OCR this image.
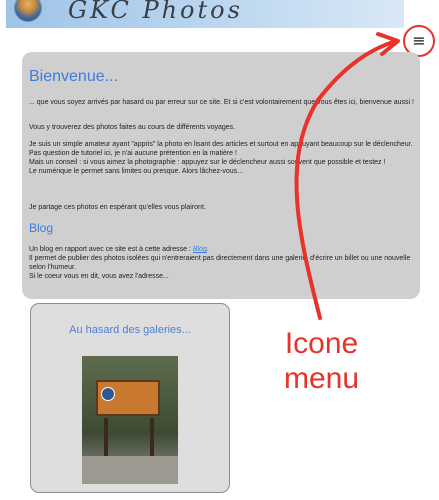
GKC Photos
≡
Bienvenue...
... que vous soyez arrivés par hasard ou par erreur sur ce site. Et si c'est volontairement que vous êtes ici, bienvenue aussi !
Vous y trouverez des photos faites au cours de différents voyages.
Je suis un simple amateur ayant "appris" la photo en lisant des articles et surtout en appuyant beaucoup sur le déclencheur.
Pas question de tutoriel ici, je n'ai aucune prétention en la matière !
Mais un conseil : si vous aimez la photographie : appuyez sur le déclencheur aussi souvent que possible et testez !
Le numérique le permet sans limites ou presque. Alors lâchez-vous...
Je partage ces photos en espérant qu'elles vous plairont.
Blog
Un blog en rapport avec ce site est à cette adresse : Blog.
Il permet de publier des photos isolées qui n'entreraient pas directement dans une galerie, d'écrire un billet ou une nouvelle selon l'humeur.
Si le coeur vous en dit, vous avez l'adresse...
Au hasard des galeries...	Icone
menu
